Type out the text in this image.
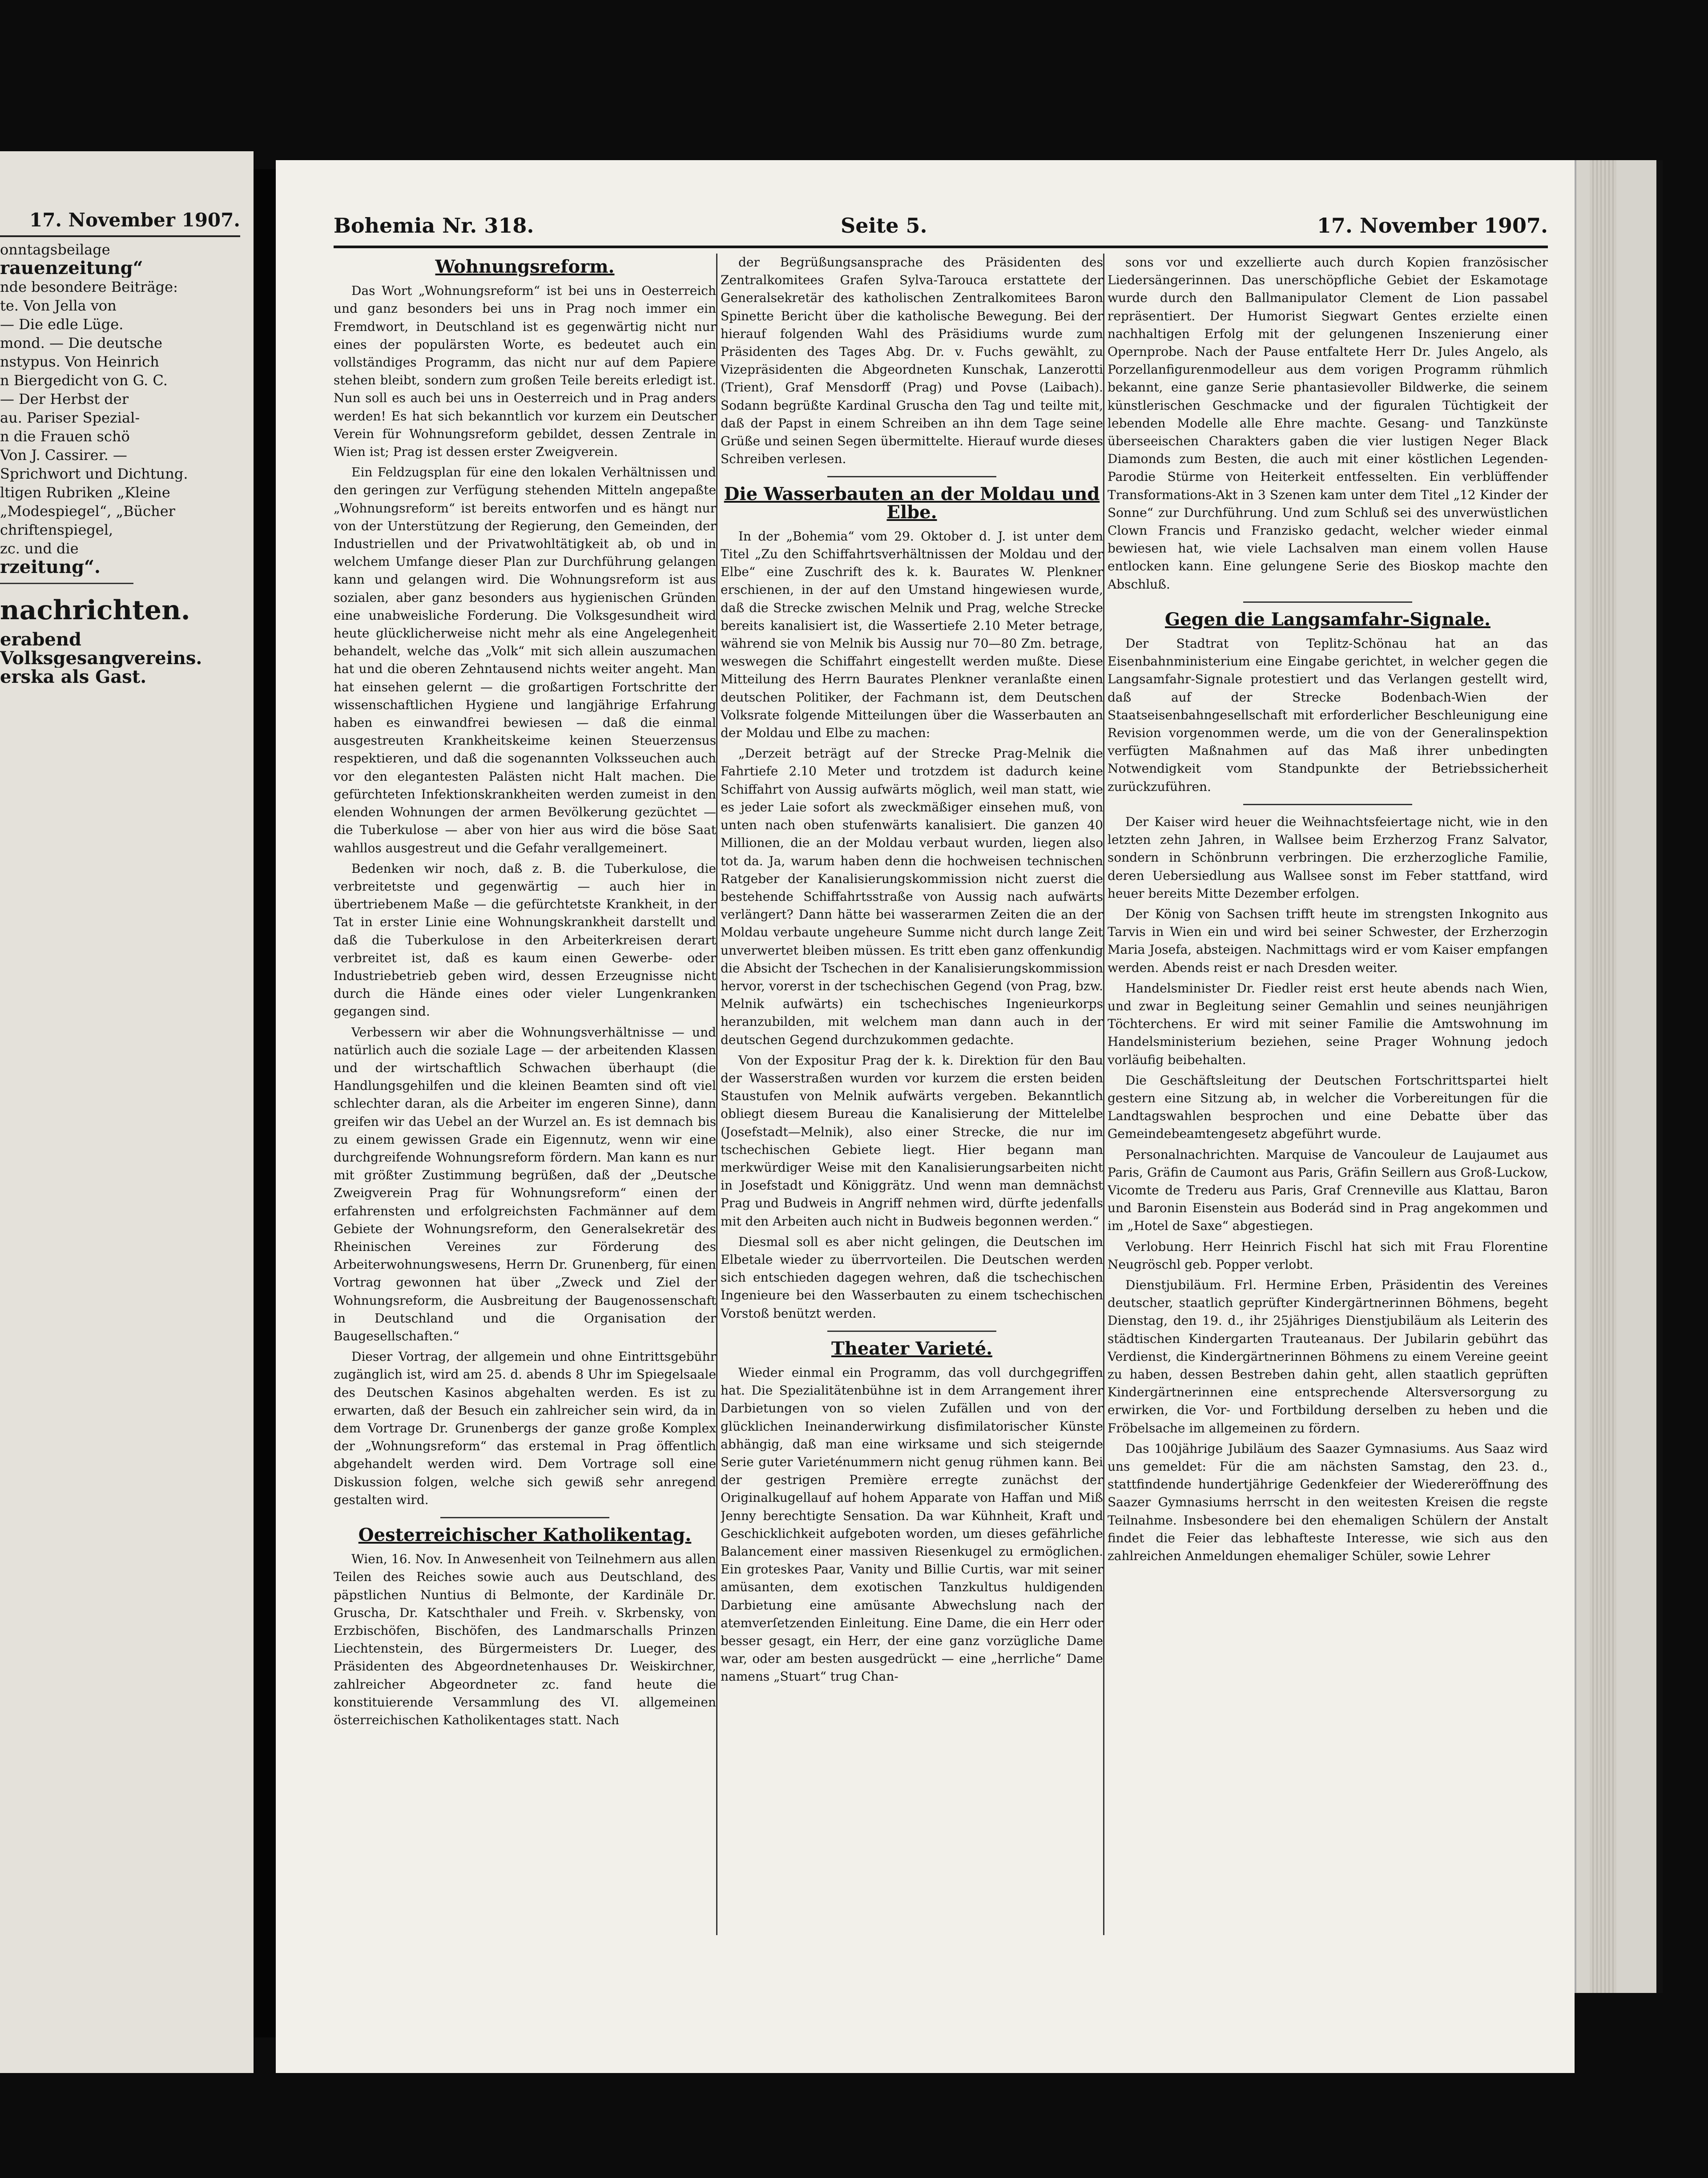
17. November 1907.
onntagsbeilage
rauenzeitung“
nde besondere Beiträge:
te. Von Jella von
— Die edle Lüge.
mond. — Die deutsche
nstypus. Von Heinrich
n Biergedicht von G. C.
— Der Herbst der
au. Pariser Spezial-
n die Frauen schö
Von J. Cassirer. —
Sprichwort und Dichtung.
ltigen Rubriken „Kleine
„Modespiegel“, „Bücher
chriftenspiegel,
zc. und die
rzeitung“.
nachrichten.
erabend
Volksgesangvereins.
erska als Gast.
Bohemia Nr. 318.	Seite 5.	17. November 1907.
Wohnungsreform.

Das Wort „Wohnungsreform“ ist bei uns in Oesterreich und ganz besonders bei uns in Prag noch immer ein Fremdwort, in Deutschland ist es gegenwärtig nicht nur eines der populärsten Worte, es bedeutet auch ein vollständiges Programm, das nicht nur auf dem Papiere stehen bleibt, sondern zum großen Teile bereits erledigt ist. Nun soll es auch bei uns in Oesterreich und in Prag anders werden! Es hat sich bekanntlich vor kurzem ein Deutscher Verein für Wohnungsreform gebildet, dessen Zentrale in Wien ist; Prag ist dessen erster Zweigverein.

Ein Feldzugsplan für eine den lokalen Verhältnissen und den geringen zur Verfügung stehenden Mitteln angepaßte „Wohnungsreform“ ist bereits entworfen und es hängt nur von der Unterstützung der Regierung, den Gemeinden, der Industriellen und der Privatwohltätigkeit ab, ob und in welchem Umfange dieser Plan zur Durchführung gelangen kann und gelangen wird. Die Wohnungsreform ist aus sozialen, aber ganz besonders aus hygienischen Gründen eine unabweisliche Forderung. Die Volksgesundheit wird heute glücklicherweise nicht mehr als eine Angelegenheit behandelt, welche das „Volk“ mit sich allein auszumachen hat und die oberen Zehntausend nichts weiter angeht. Man hat einsehen gelernt — die großartigen Fortschritte der wissenschaftlichen Hygiene und langjährige Erfahrung haben es einwandfrei bewiesen — daß die einmal ausgestreuten Krankheitskeime keinen Steuerzensus respektieren, und daß die sogenannten Volksseuchen auch vor den elegantesten Palästen nicht Halt machen. Die gefürchteten Infektionskrankheiten werden zumeist in den elenden Wohnungen der armen Bevölkerung gezüchtet — die Tuberkulose — aber von hier aus wird die böse Saat wahllos ausgestreut und die Gefahr verallgemeinert.

Bedenken wir noch, daß z. B. die Tuberkulose, die verbreitetste und gegenwärtig — auch hier in übertriebenem Maße — die gefürchtetste Krankheit, in der Tat in erster Linie eine Wohnungskrankheit darstellt und daß die Tuberkulose in den Arbeiterkreisen derart verbreitet ist, daß es kaum einen Gewerbe- oder Industriebetrieb geben wird, dessen Erzeugnisse nicht durch die Hände eines oder vieler Lungenkranken gegangen sind.

Verbessern wir aber die Wohnungsverhältnisse — und natürlich auch die soziale Lage — der arbeitenden Klassen und der wirtschaftlich Schwachen überhaupt (die Handlungsgehilfen und die kleinen Beamten sind oft viel schlechter daran, als die Arbeiter im engeren Sinne), dann greifen wir das Uebel an der Wurzel an. Es ist demnach bis zu einem gewissen Grade ein Eigennutz, wenn wir eine durchgreifende Wohnungsreform fördern. Man kann es nur mit größter Zustimmung begrüßen, daß der „Deutsche Zweigverein Prag für Wohnungsreform“ einen der erfahrensten und erfolgreichsten Fachmänner auf dem Gebiete der Wohnungsreform, den Generalsekretär des Rheinischen Vereines zur Förderung des Arbeiterwohnungswesens, Herrn Dr. Grunenberg, für einen Vortrag gewonnen hat über „Zweck und Ziel der Wohnungsreform, die Ausbreitung der Baugenossenschaft in Deutschland und die Organisation der Baugesellschaften.“

Dieser Vortrag, der allgemein und ohne Eintrittsgebühr zugänglich ist, wird am 25. d. abends 8 Uhr im Spiegelsaale des Deutschen Kasinos abgehalten werden. Es ist zu erwarten, daß der Besuch ein zahlreicher sein wird, da in dem Vortrage Dr. Grunenbergs der ganze große Komplex der „Wohnungsreform“ das erstemal in Prag öffentlich abgehandelt werden wird. Dem Vortrage soll eine Diskussion folgen, welche sich gewiß sehr anregend gestalten wird.

Oesterreichischer Katholikentag.

Wien, 16. Nov. In Anwesenheit von Teilnehmern aus allen Teilen des Reiches sowie auch aus Deutschland, des päpstlichen Nuntius di Belmonte, der Kardinäle Dr. Gruscha, Dr. Katschthaler und Freih. v. Skrbensky, von Erzbischöfen, Bischöfen, des Landmarschalls Prinzen Liechtenstein, des Bürgermeisters Dr. Lueger, des Präsidenten des Abgeordnetenhauses Dr. Weiskirchner, zahlreicher Abgeordneter zc. fand heute die konstituierende Versammlung des VI. allgemeinen österreichischen Katholikentages statt. Nach

der Begrüßungsansprache des Präsidenten des Zentralkomitees Grafen Sylva-Tarouca erstattete der Generalsekretär des katholischen Zentralkomitees Baron Spinette Bericht über die katholische Bewegung. Bei der hierauf folgenden Wahl des Präsidiums wurde zum Präsidenten des Tages Abg. Dr. v. Fuchs gewählt, zu Vizepräsidenten die Abgeordneten Kunschak, Lanzerotti (Trient), Graf Mensdorff (Prag) und Povse (Laibach). Sodann begrüßte Kardinal Gruscha den Tag und teilte mit, daß der Papst in einem Schreiben an ihn dem Tage seine Grüße und seinen Segen übermittelte. Hierauf wurde dieses Schreiben verlesen.

Die Wasserbauten an der Moldau und Elbe.

In der „Bohemia“ vom 29. Oktober d. J. ist unter dem Titel „Zu den Schiffahrtsverhältnissen der Moldau und der Elbe“ eine Zuschrift des k. k. Baurates W. Plenkner erschienen, in der auf den Umstand hingewiesen wurde, daß die Strecke zwischen Melnik und Prag, welche Strecke bereits kanalisiert ist, die Wassertiefe 2.10 Meter betrage, während sie von Melnik bis Aussig nur 70—80 Zm. betrage, weswegen die Schiffahrt eingestellt werden mußte. Diese Mitteilung des Herrn Baurates Plenkner veranlaßte einen deutschen Politiker, der Fachmann ist, dem Deutschen Volksrate folgende Mitteilungen über die Wasserbauten an der Moldau und Elbe zu machen:

„Derzeit beträgt auf der Strecke Prag-Melnik die Fahrtiefe 2.10 Meter und trotzdem ist dadurch keine Schiffahrt von Aussig aufwärts möglich, weil man statt, wie es jeder Laie sofort als zweckmäßiger einsehen muß, von unten nach oben stufenwärts kanalisiert. Die ganzen 40 Millionen, die an der Moldau verbaut wurden, liegen also tot da. Ja, warum haben denn die hochweisen technischen Ratgeber der Kanalisierungskommission nicht zuerst die bestehende Schiffahrtsstraße von Aussig nach aufwärts verlängert? Dann hätte bei wasserarmen Zeiten die an der Moldau verbaute ungeheure Summe nicht durch lange Zeit unverwertet bleiben müssen. Es tritt eben ganz offenkundig die Absicht der Tschechen in der Kanalisierungskommission hervor, vorerst in der tschechischen Gegend (von Prag, bzw. Melnik aufwärts) ein tschechisches Ingenieurkorps heranzubilden, mit welchem man dann auch in der deutschen Gegend durchzukommen gedachte.

Von der Expositur Prag der k. k. Direktion für den Bau der Wasserstraßen wurden vor kurzem die ersten beiden Staustufen von Melnik aufwärts vergeben. Bekanntlich obliegt diesem Bureau die Kanalisierung der Mittelelbe (Josefstadt—Melnik), also einer Strecke, die nur im tschechischen Gebiete liegt. Hier begann man merkwürdiger Weise mit den Kanalisierungsarbeiten nicht in Josefstadt und Königgrätz. Und wenn man demnächst Prag und Budweis in Angriff nehmen wird, dürfte jedenfalls mit den Arbeiten auch nicht in Budweis begonnen werden.“

Diesmal soll es aber nicht gelingen, die Deutschen im Elbetale wieder zu überrvorteilen. Die Deutschen werden sich entschieden dagegen wehren, daß die tschechischen Ingenieure bei den Wasserbauten zu einem tschechischen Vorstoß benützt werden.

Theater Varieté.

Wieder einmal ein Programm, das voll durchgegriffen hat. Die Spezialitätenbühne ist in dem Arrangement ihrer Darbietungen von so vielen Zufällen und von der glücklichen Ineinanderwirkung disfimilatorischer Künste abhängig, daß man eine wirksame und sich steigernde Serie guter Varieténummern nicht genug rühmen kann. Bei der gestrigen Première erregte zunächst der Originalkugellauf auf hohem Apparate von Haffan und Miß Jenny berechtigte Sensation. Da war Kühnheit, Kraft und Geschicklichkeit aufgeboten worden, um dieses gefährliche Balancement einer massiven Riesenkugel zu ermöglichen. Ein groteskes Paar, Vanity und Billie Curtis, war mit seiner amüsanten, dem exotischen Tanzkultus huldigenden Darbietung eine amüsante Abwechslung nach der atemverſetzenden Einleitung. Eine Dame, die ein Herr oder besser gesagt, ein Herr, der eine ganz vorzügliche Dame war, oder am besten ausgedrückt — eine „herrliche“ Dame namens „Stuart“ trug Chan-

sons vor und exzellierte auch durch Kopien französischer Liedersängerinnen. Das unerschöpfliche Gebiet der Eskamotage wurde durch den Ballmanipulator Clement de Lion passabel repräsentiert. Der Humorist Siegwart Gentes erzielte einen nachhaltigen Erfolg mit der gelungenen Inszenierung einer Opernprobe. Nach der Pause entfaltete Herr Dr. Jules Angelo, als Porzellanfigurenmodelleur aus dem vorigen Programm rühmlich bekannt, eine ganze Serie phantasievoller Bildwerke, die seinem künstlerischen Geschmacke und der figuralen Tüchtigkeit der lebenden Modelle alle Ehre machte. Gesang- und Tanzkünste überseeischen Charakters gaben die vier lustigen Neger Black Diamonds zum Besten, die auch mit einer köstlichen Legenden-Parodie Stürme von Heiterkeit entfesselten. Ein verblüffender Transformations-Akt in 3 Szenen kam unter dem Titel „12 Kinder der Sonne“ zur Durchführung. Und zum Schluß sei des unverwüstlichen Clown Francis und Franzisko gedacht, welcher wieder einmal bewiesen hat, wie viele Lachsalven man einem vollen Hause entlocken kann. Eine gelungene Serie des Bioskop machte den Abschluß.

Gegen die Langsamfahr-Signale.

Der Stadtrat von Teplitz-Schönau hat an das Eisenbahnministerium eine Eingabe gerichtet, in welcher gegen die Langsamfahr-Signale protestiert und das Verlangen gestellt wird, daß auf der Strecke Bodenbach-Wien der Staatseisenbahngesellschaft mit erforderlicher Beschleunigung eine Revision vorgenommen werde, um die von der Generalinspektion verfügten Maßnahmen auf das Maß ihrer unbedingten Notwendigkeit vom Standpunkte der Betriebssicherheit zurückzuführen.

Der Kaiser wird heuer die Weihnachtsfeiertage nicht, wie in den letzten zehn Jahren, in Wallsee beim Erzherzog Franz Salvator, sondern in Schönbrunn verbringen. Die erzherzogliche Familie, deren Uebersiedlung aus Wallsee sonst im Feber stattfand, wird heuer bereits Mitte Dezember erfolgen.

Der König von Sachsen trifft heute im strengsten Inkognito aus Tarvis in Wien ein und wird bei seiner Schwester, der Erzherzogin Maria Josefa, absteigen. Nachmittags wird er vom Kaiser empfangen werden. Abends reist er nach Dresden weiter.

Handelsminister Dr. Fiedler reist erst heute abends nach Wien, und zwar in Begleitung seiner Gemahlin und seines neunjährigen Töchterchens. Er wird mit seiner Familie die Amtswohnung im Handelsministerium beziehen, seine Prager Wohnung jedoch vorläufig beibehalten.

Die Geschäftsleitung der Deutschen Fortschrittspartei hielt gestern eine Sitzung ab, in welcher die Vorbereitungen für die Landtagswahlen besprochen und eine Debatte über das Gemeindebeamtengesetz abgeführt wurde.

Personalnachrichten. Marquise de Vancouleur de Laujaumet aus Paris, Gräfin de Caumont aus Paris, Gräfin Seillern aus Groß-Luckow, Vicomte de Trederu aus Paris, Graf Crenneville aus Klattau, Baron und Baronin Eisenstein aus Boderád sind in Prag angekommen und im „Hotel de Saxe“ abgestiegen.

Verlobung. Herr Heinrich Fischl hat sich mit Frau Florentine Neugröschl geb. Popper verlobt.

Dienstjubiläum. Frl. Hermine Erben, Präsidentin des Vereines deutscher, staatlich geprüfter Kindergärtnerinnen Böhmens, begeht Dienstag, den 19. d., ihr 25jähriges Dienstjubiläum als Leiterin des städtischen Kindergarten Trauteanaus. Der Jubilarin gebührt das Verdienst, die Kindergärtnerinnen Böhmens zu einem Vereine geeint zu haben, dessen Bestreben dahin geht, allen staatlich geprüften Kindergärtnerinnen eine entsprechende Altersversorgung zu erwirken, die Vor- und Fortbildung derselben zu heben und die Fröbelsache im allgemeinen zu fördern.

Das 100jährige Jubiläum des Saazer Gymnasiums. Aus Saaz wird uns gemeldet: Für die am nächsten Samstag, den 23. d., stattfindende hundertjährige Gedenkfeier der Wiedereröffnung des Saazer Gymnasiums herrscht in den weitesten Kreisen die regste Teilnahme. Insbesondere bei den ehemaligen Schülern der Anstalt findet die Feier das lebhafteste Interesse, wie sich aus den zahlreichen Anmeldungen ehemaliger Schüler, sowie Lehrer
